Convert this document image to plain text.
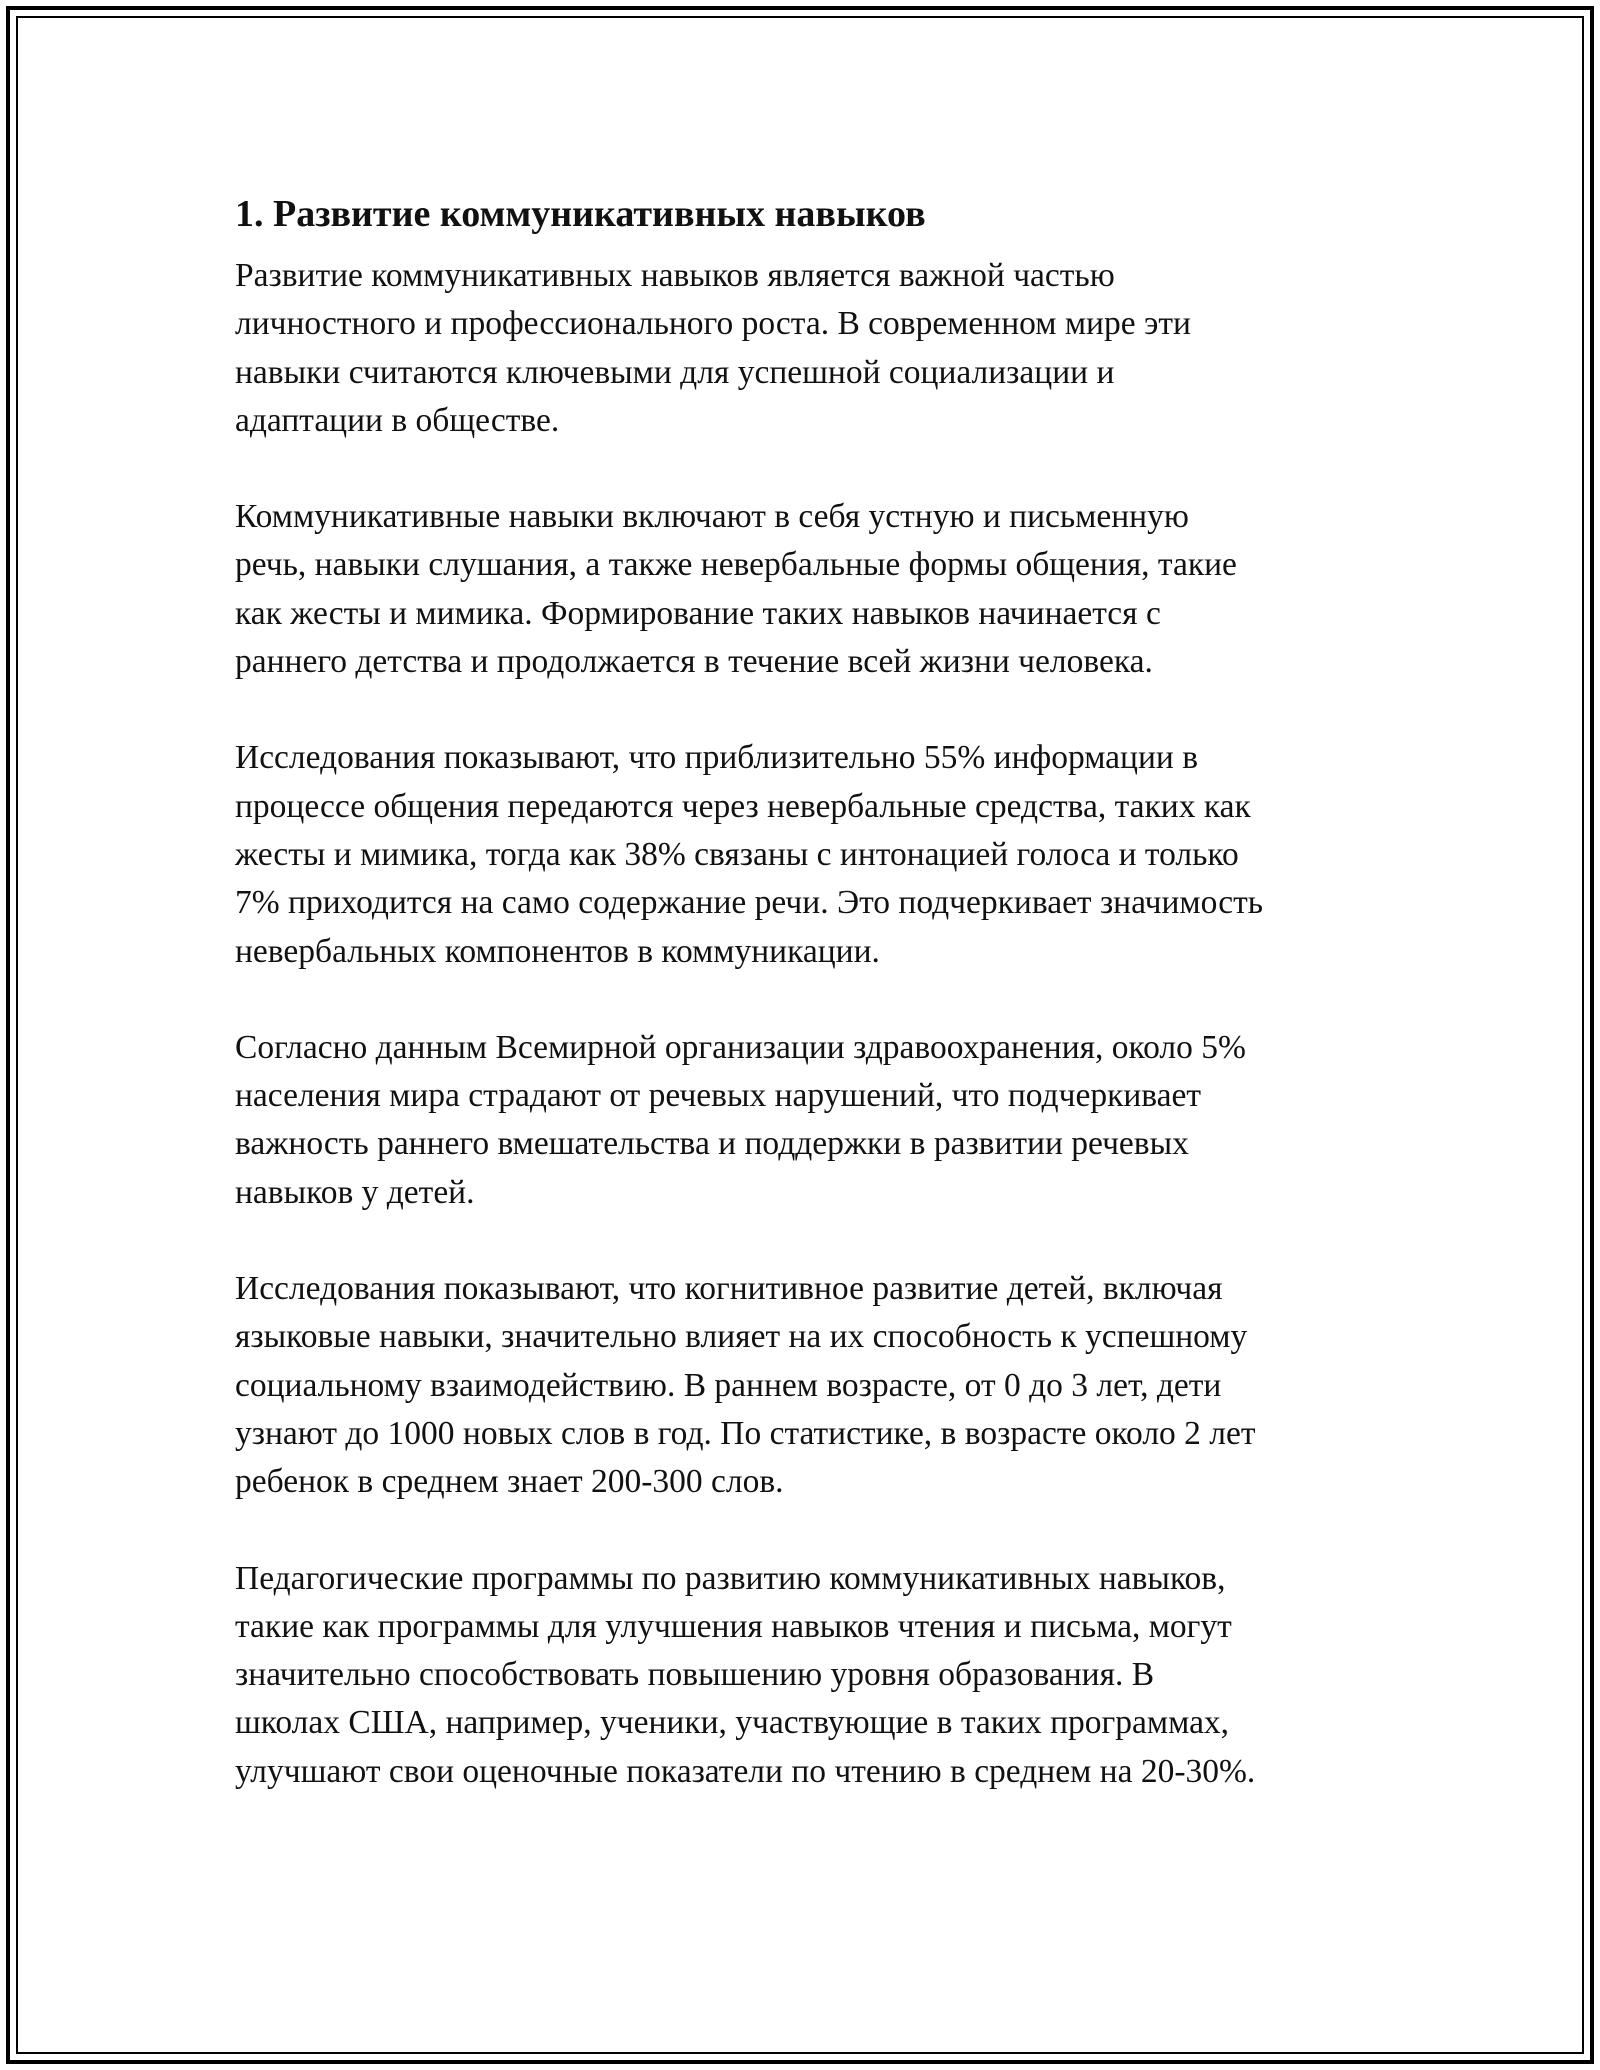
1. Развитие коммуникативных навыков

Развитие коммуникативных навыков является важной частью
личностного и профессионального роста. В современном мире эти
навыки считаются ключевыми для успешной социализации и
адаптации в обществе.

Коммуникативные навыки включают в себя устную и письменную
речь, навыки слушания, а также невербальные формы общения, такие
как жесты и мимика. Формирование таких навыков начинается с
раннего детства и продолжается в течение всей жизни человека.

Исследования показывают, что приблизительно 55% информации в
процессе общения передаются через невербальные средства, таких как
жесты и мимика, тогда как 38% связаны с интонацией голоса и только
7% приходится на само содержание речи. Это подчеркивает значимость
невербальных компонентов в коммуникации.

Согласно данным Всемирной организации здравоохранения, около 5%
населения мира страдают от речевых нарушений, что подчеркивает
важность раннего вмешательства и поддержки в развитии речевых
навыков у детей.

Исследования показывают, что когнитивное развитие детей, включая
языковые навыки, значительно влияет на их способность к успешному
социальному взаимодействию. В раннем возрасте, от 0 до 3 лет, дети
узнают до 1000 новых слов в год. По статистике, в возрасте около 2 лет
ребенок в среднем знает 200-300 слов.

Педагогические программы по развитию коммуникативных навыков,
такие как программы для улучшения навыков чтения и письма, могут
значительно способствовать повышению уровня образования. В
школах США, например, ученики, участвующие в таких программах,
улучшают свои оценочные показатели по чтению в среднем на 20-30%.
